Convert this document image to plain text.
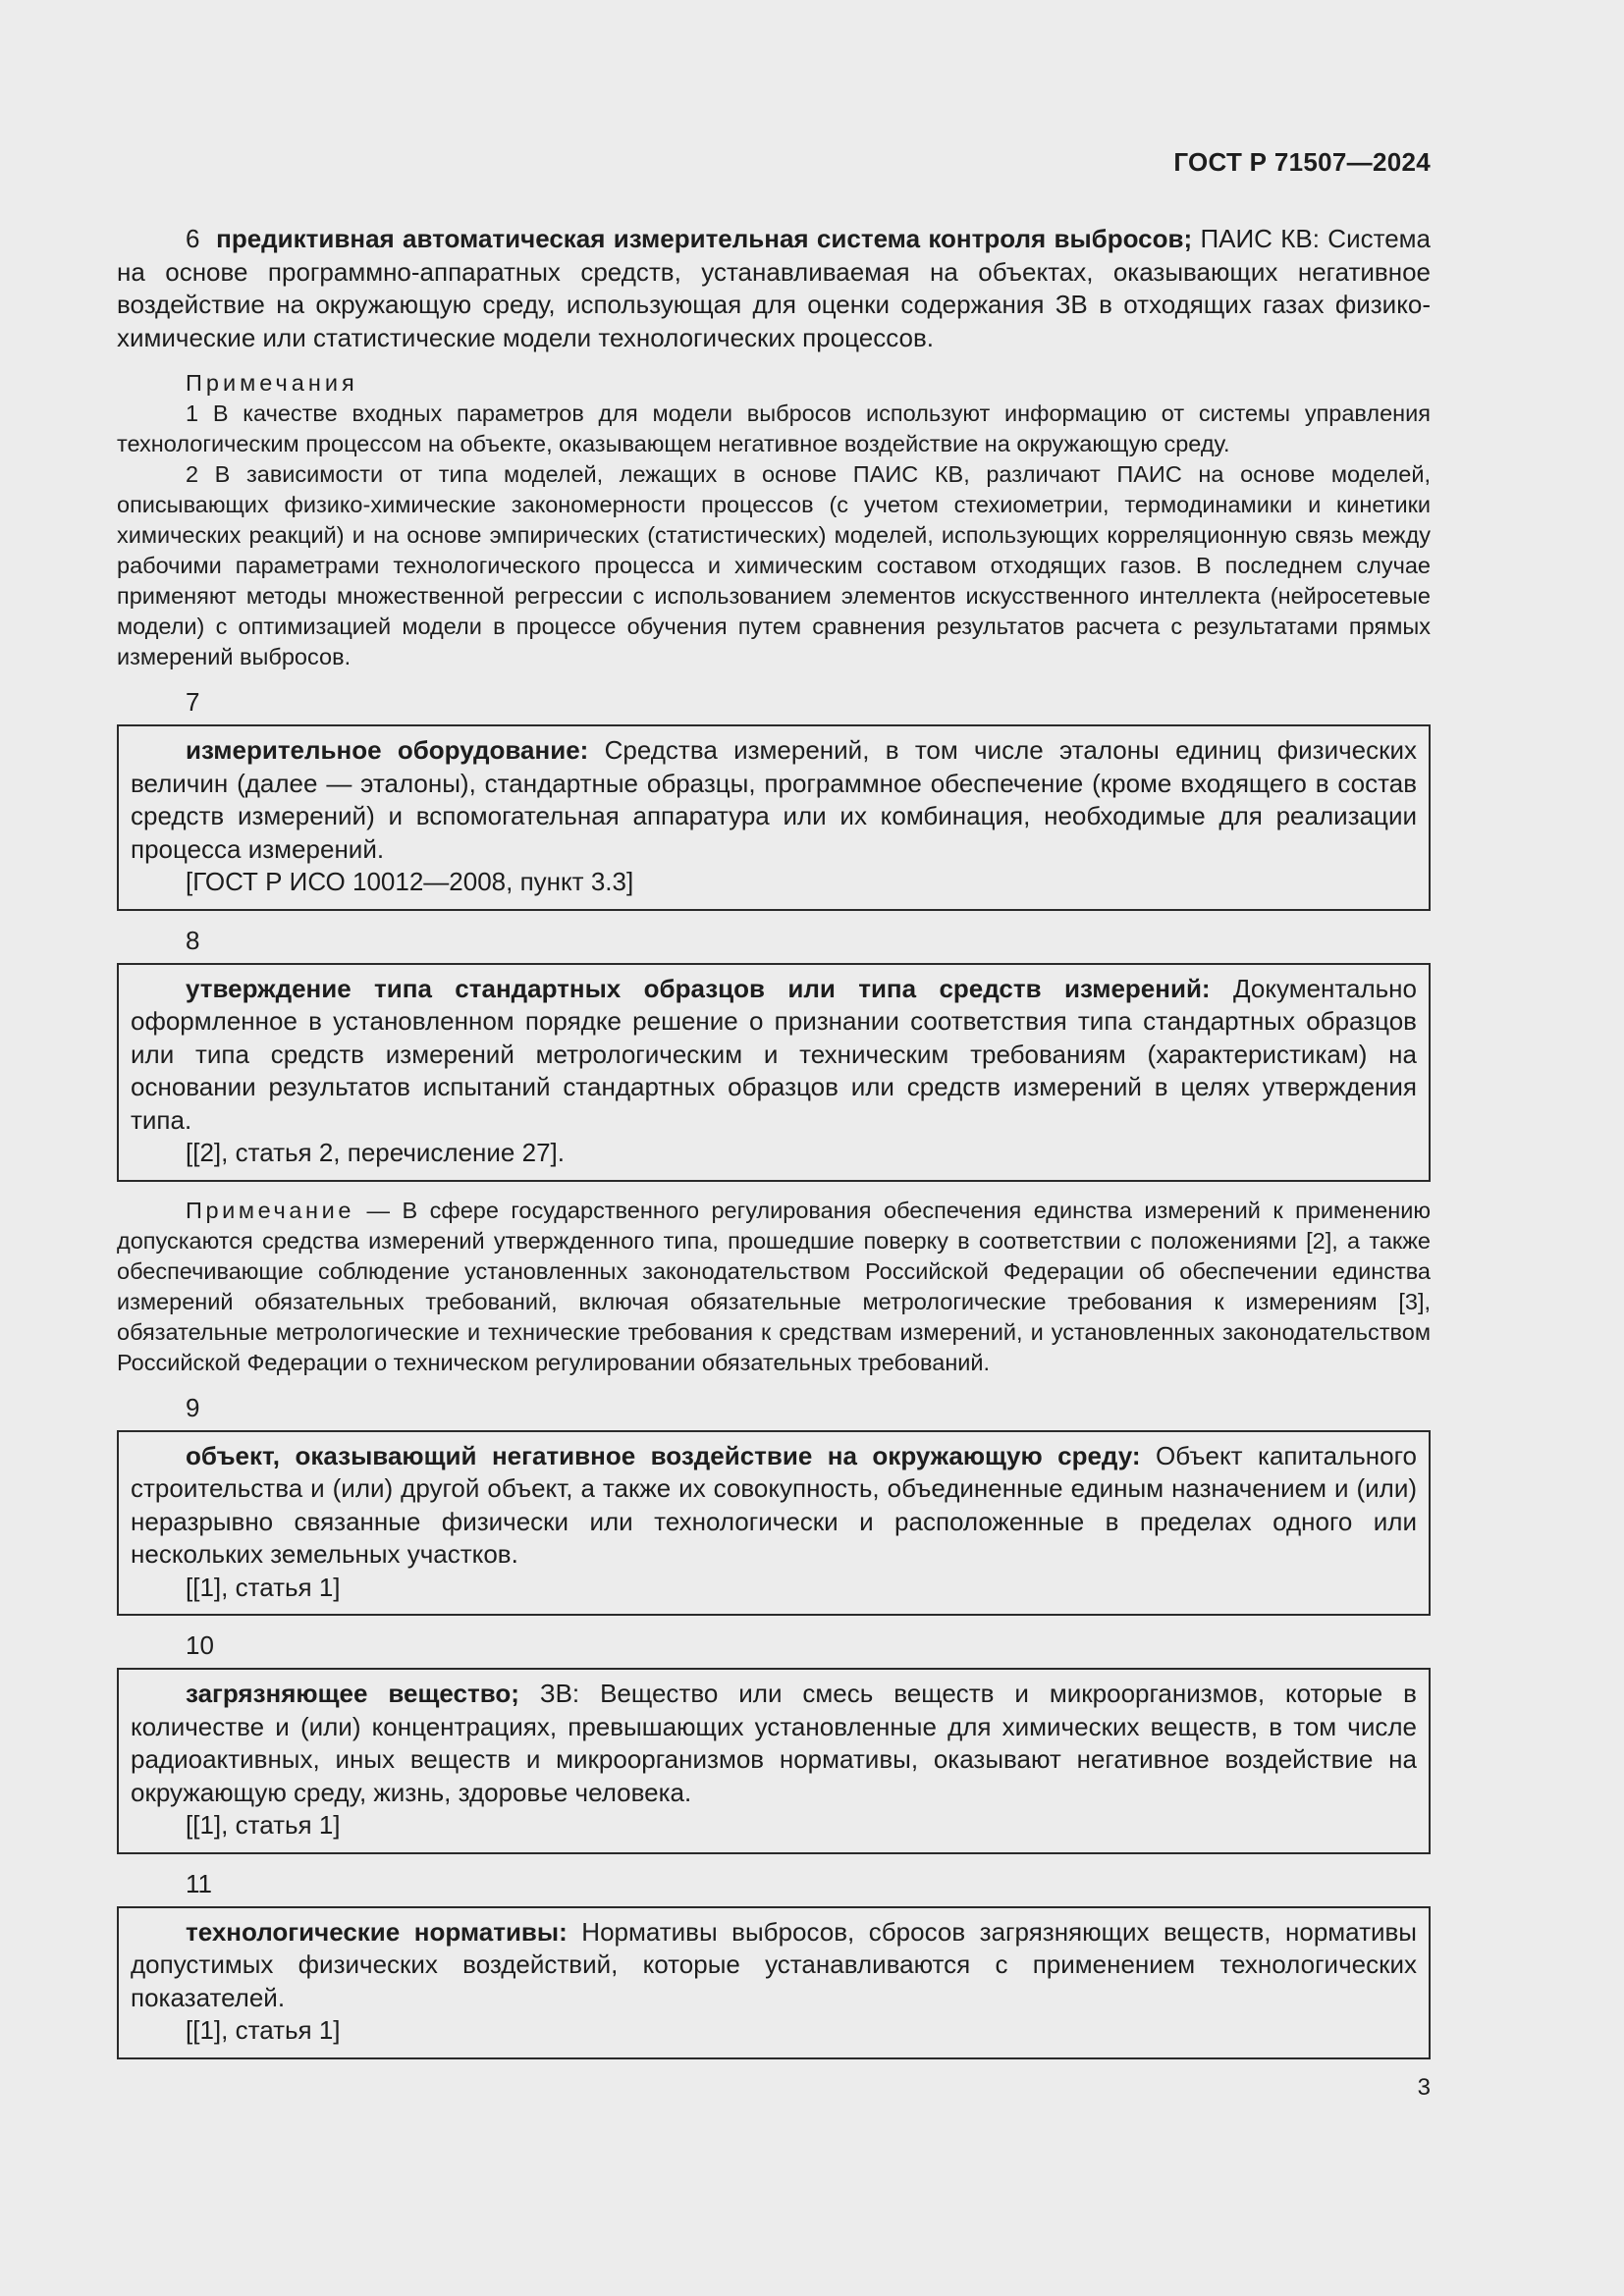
ГОСТ Р 71507—2024

6 предиктивная автоматическая измерительная система контроля выбросов; ПАИС КВ: Система на основе программно-аппаратных средств, устанавливаемая на объектах, оказывающих негативное воздействие на окружающую среду, использующая для оценки содержания ЗВ в отходящих газах физико-химические или статистические модели технологических процессов.

Примечания

1 В качестве входных параметров для модели выбросов используют информацию от системы управления технологическим процессом на объекте, оказывающем негативное воздействие на окружающую среду.

2 В зависимости от типа моделей, лежащих в основе ПАИС КВ, различают ПАИС на основе моделей, описывающих физико-химические закономерности процессов (с учетом стехиометрии, термодинамики и кинетики химических реакций) и на основе эмпирических (статистических) моделей, использующих корреляционную связь между рабочими параметрами технологического процесса и химическим составом отходящих газов. В последнем случае применяют методы множественной регрессии с использованием элементов искусственного интеллекта (нейросетевые модели) с оптимизацией модели в процессе обучения путем сравнения результатов расчета с результатами прямых измерений выбросов.

7

измерительное оборудование: Средства измерений, в том числе эталоны единиц физических величин (далее — эталоны), стандартные образцы, программное обеспечение (кроме входящего в состав средств измерений) и вспомогательная аппаратура или их комбинация, необходимые для реализации процесса измерений.

[ГОСТ Р ИСО 10012—2008, пункт 3.3]

8

утверждение типа стандартных образцов или типа средств измерений: Документально оформленное в установленном порядке решение о признании соответствия типа стандартных образцов или типа средств измерений метрологическим и техническим требованиям (характеристикам) на основании результатов испытаний стандартных образцов или средств измерений в целях утверждения типа.

[[2], статья 2, перечисление 27].

Примечание — В сфере государственного регулирования обеспечения единства измерений к применению допускаются средства измерений утвержденного типа, прошедшие поверку в соответствии с положениями [2], а также обеспечивающие соблюдение установленных законодательством Российской Федерации об обеспечении единства измерений обязательных требований, включая обязательные метрологические требования к измерениям [3], обязательные метрологические и технические требования к средствам измерений, и установленных законодательством Российской Федерации о техническом регулировании обязательных требований.

9

объект, оказывающий негативное воздействие на окружающую среду: Объект капитального строительства и (или) другой объект, а также их совокупность, объединенные единым назначением и (или) неразрывно связанные физически или технологически и расположенные в пределах одного или нескольких земельных участков.

[[1], статья 1]

10

загрязняющее вещество; ЗВ: Вещество или смесь веществ и микроорганизмов, которые в количестве и (или) концентрациях, превышающих установленные для химических веществ, в том числе радиоактивных, иных веществ и микроорганизмов нормативы, оказывают негативное воздействие на окружающую среду, жизнь, здоровье человека.

[[1], статья 1]

11

технологические нормативы: Нормативы выбросов, сбросов загрязняющих веществ, нормативы допустимых физических воздействий, которые устанавливаются с применением технологических показателей.

[[1], статья 1]

3
